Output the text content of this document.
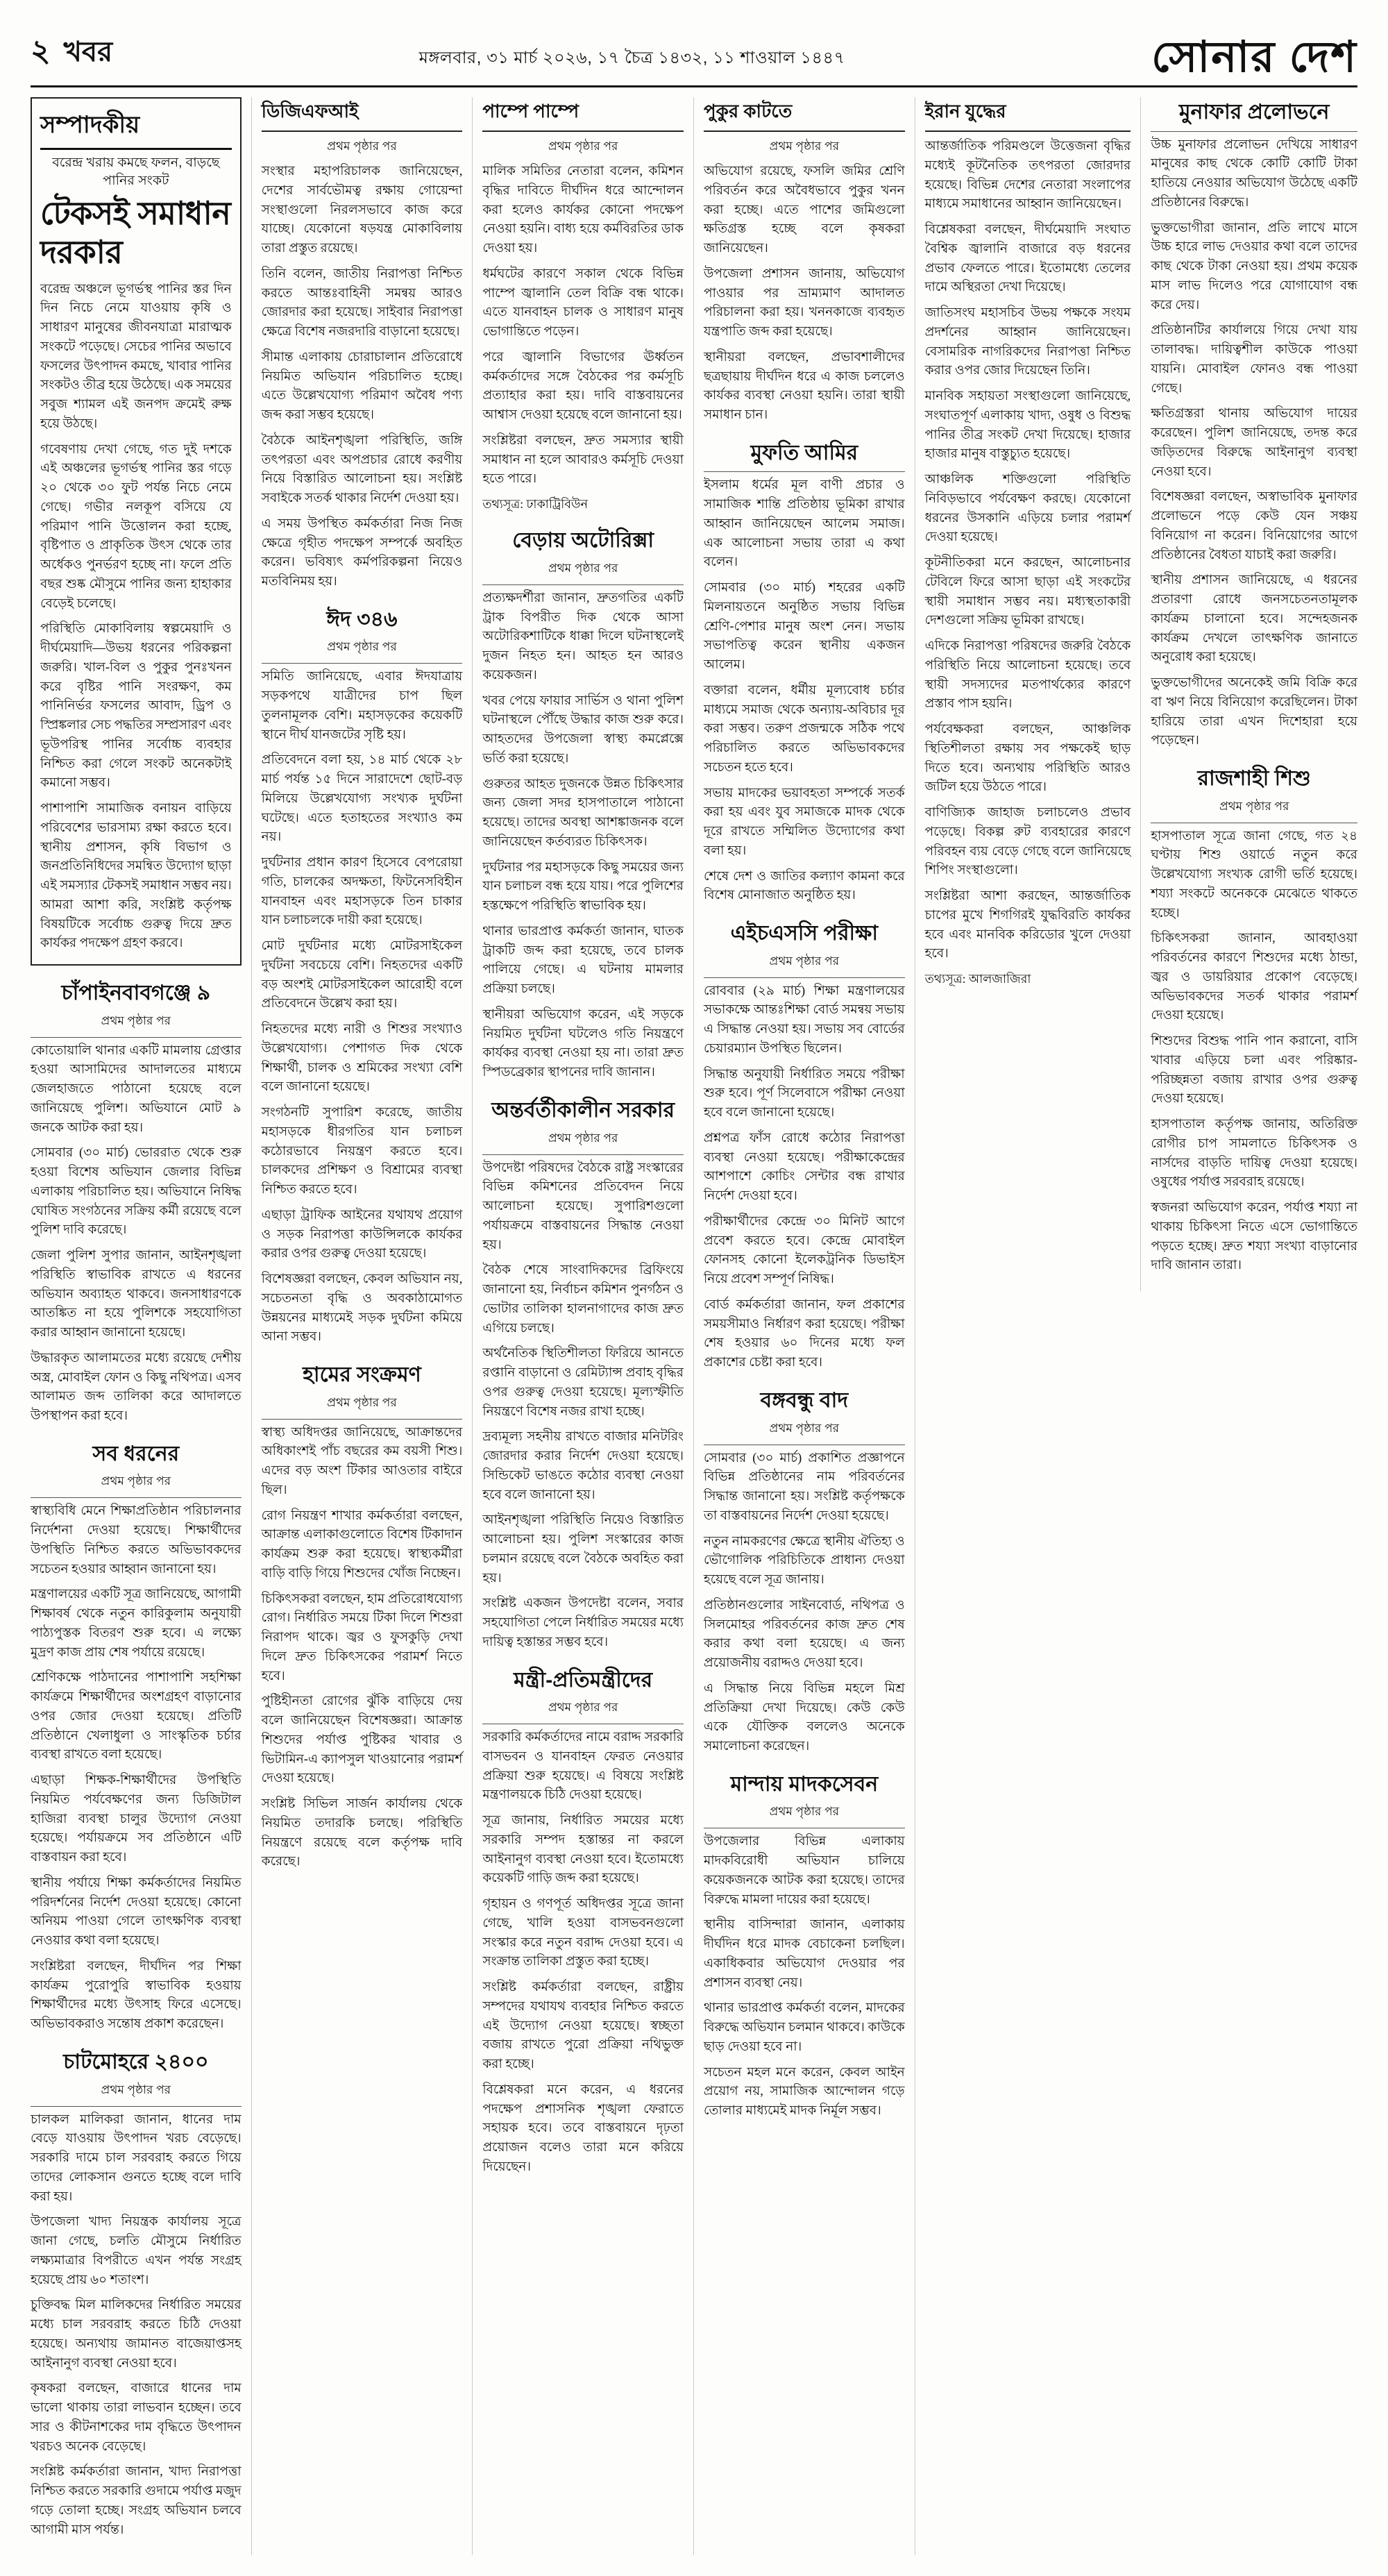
২ খবর	মঙ্গলবার, ৩১ মার্চ ২০২৬, ১৭ চৈত্র ১৪৩২, ১১ শাওয়াল ১৪৪৭	সোনার দেশ
সম্পাদকীয়
বরেন্দ্র খরায় কমছে ফলন, বাড়ছে পানির সংকট
টেকসই সমাধান দরকার

বরেন্দ্র অঞ্চলে ভূগর্ভস্থ পানির স্তর দিন দিন নিচে নেমে যাওয়ায় কৃষি ও সাধারণ মানুষের জীবনযাত্রা মারাত্মক সংকটে পড়েছে। সেচের পানির অভাবে ফসলের উৎপাদন কমছে, খাবার পানির সংকটও তীব্র হয়ে উঠেছে। এক সময়ের সবুজ শ্যামল এই জনপদ ক্রমেই রুক্ষ হয়ে উঠছে।

গবেষণায় দেখা গেছে, গত দুই দশকে এই অঞ্চলের ভূগর্ভস্থ পানির স্তর গড়ে ২০ থেকে ৩০ ফুট পর্যন্ত নিচে নেমে গেছে। গভীর নলকূপ বসিয়ে যে পরিমাণ পানি উত্তোলন করা হচ্ছে, বৃষ্টিপাত ও প্রাকৃতিক উৎস থেকে তার অর্ধেকও পুনর্ভরণ হচ্ছে না। ফলে প্রতি বছর শুষ্ক মৌসুমে পানির জন্য হাহাকার বেড়েই চলেছে।

পরিস্থিতি মোকাবিলায় স্বল্পমেয়াদি ও দীর্ঘমেয়াদি—উভয় ধরনের পরিকল্পনা জরুরি। খাল-বিল ও পুকুর পুনঃখনন করে বৃষ্টির পানি সংরক্ষণ, কম পানিনির্ভর ফসলের আবাদ, ড্রিপ ও স্প্রিঙ্কলার সেচ পদ্ধতির সম্প্রসারণ এবং ভূউপরিস্থ পানির সর্বোচ্চ ব্যবহার নিশ্চিত করা গেলে সংকট অনেকটাই কমানো সম্ভব।

পাশাপাশি সামাজিক বনায়ন বাড়িয়ে পরিবেশের ভারসাম্য রক্ষা করতে হবে। স্থানীয় প্রশাসন, কৃষি বিভাগ ও জনপ্রতিনিধিদের সমন্বিত উদ্যোগ ছাড়া এই সমস্যার টেকসই সমাধান সম্ভব নয়। আমরা আশা করি, সংশ্লিষ্ট কর্তৃপক্ষ বিষয়টিকে সর্বোচ্চ গুরুত্ব দিয়ে দ্রুত কার্যকর পদক্ষেপ গ্রহণ করবে।

চাঁপাইনবাবগঞ্জে ৯
প্রথম পৃষ্ঠার পর

কোতোয়ালি থানার একটি মামলায় গ্রেপ্তার হওয়া আসামিদের আদালতের মাধ্যমে জেলহাজতে পাঠানো হয়েছে বলে জানিয়েছে পুলিশ। অভিযানে মোট ৯ জনকে আটক করা হয়।

সোমবার (৩০ মার্চ) ভোররাত থেকে শুরু হওয়া বিশেষ অভিযান জেলার বিভিন্ন এলাকায় পরিচালিত হয়। অভিযানে নিষিদ্ধ ঘোষিত সংগঠনের সক্রিয় কর্মী রয়েছে বলে পুলিশ দাবি করেছে।

জেলা পুলিশ সুপার জানান, আইনশৃঙ্খলা পরিস্থিতি স্বাভাবিক রাখতে এ ধরনের অভিযান অব্যাহত থাকবে। জনসাধারণকে আতঙ্কিত না হয়ে পুলিশকে সহযোগিতা করার আহ্বান জানানো হয়েছে।

উদ্ধারকৃত আলামতের মধ্যে রয়েছে দেশীয় অস্ত্র, মোবাইল ফোন ও কিছু নথিপত্র। এসব আলামত জব্দ তালিকা করে আদালতে উপস্থাপন করা হবে।

সব ধরনের
প্রথম পৃষ্ঠার পর

স্বাস্থ্যবিধি মেনে শিক্ষাপ্রতিষ্ঠান পরিচালনার নির্দেশনা দেওয়া হয়েছে। শিক্ষার্থীদের উপস্থিতি নিশ্চিত করতে অভিভাবকদের সচেতন হওয়ার আহ্বান জানানো হয়।

মন্ত্রণালয়ের একটি সূত্র জানিয়েছে, আগামী শিক্ষাবর্ষ থেকে নতুন কারিকুলাম অনুযায়ী পাঠ্যপুস্তক বিতরণ শুরু হবে। এ লক্ষ্যে মুদ্রণ কাজ প্রায় শেষ পর্যায়ে রয়েছে।

শ্রেণিকক্ষে পাঠদানের পাশাপাশি সহশিক্ষা কার্যক্রমে শিক্ষার্থীদের অংশগ্রহণ বাড়ানোর ওপর জোর দেওয়া হয়েছে। প্রতিটি প্রতিষ্ঠানে খেলাধুলা ও সাংস্কৃতিক চর্চার ব্যবস্থা রাখতে বলা হয়েছে।

এছাড়া শিক্ষক-শিক্ষার্থীদের উপস্থিতি নিয়মিত পর্যবেক্ষণের জন্য ডিজিটাল হাজিরা ব্যবস্থা চালুর উদ্যোগ নেওয়া হয়েছে। পর্যায়ক্রমে সব প্রতিষ্ঠানে এটি বাস্তবায়ন করা হবে।

স্থানীয় পর্যায়ে শিক্ষা কর্মকর্তাদের নিয়মিত পরিদর্শনের নির্দেশ দেওয়া হয়েছে। কোনো অনিয়ম পাওয়া গেলে তাৎক্ষণিক ব্যবস্থা নেওয়ার কথা বলা হয়েছে।

সংশ্লিষ্টরা বলছেন, দীর্ঘদিন পর শিক্ষা কার্যক্রম পুরোপুরি স্বাভাবিক হওয়ায় শিক্ষার্থীদের মধ্যে উৎসাহ ফিরে এসেছে। অভিভাবকরাও সন্তোষ প্রকাশ করেছেন।

চাটমোহরে ২৪০০
প্রথম পৃষ্ঠার পর

চালকল মালিকরা জানান, ধানের দাম বেড়ে যাওয়ায় উৎপাদন খরচ বেড়েছে। সরকারি দামে চাল সরবরাহ করতে গিয়ে তাদের লোকসান গুনতে হচ্ছে বলে দাবি করা হয়।

উপজেলা খাদ্য নিয়ন্ত্রক কার্যালয় সূত্রে জানা গেছে, চলতি মৌসুমে নির্ধারিত লক্ষ্যমাত্রার বিপরীতে এখন পর্যন্ত সংগ্রহ হয়েছে প্রায় ৬০ শতাংশ।

চুক্তিবদ্ধ মিল মালিকদের নির্ধারিত সময়ের মধ্যে চাল সরবরাহ করতে চিঠি দেওয়া হয়েছে। অন্যথায় জামানত বাজেয়াপ্তসহ আইনানুগ ব্যবস্থা নেওয়া হবে।

কৃষকরা বলছেন, বাজারে ধানের দাম ভালো থাকায় তারা লাভবান হচ্ছেন। তবে সার ও কীটনাশকের দাম বৃদ্ধিতে উৎপাদন খরচও অনেক বেড়েছে।

সংশ্লিষ্ট কর্মকর্তারা জানান, খাদ্য নিরাপত্তা নিশ্চিত করতে সরকারি গুদামে পর্যাপ্ত মজুদ গড়ে তোলা হচ্ছে। সংগ্রহ অভিযান চলবে আগামী মাস পর্যন্ত।

ডিজিএফআই
প্রথম পৃষ্ঠার পর

সংস্থার মহাপরিচালক জানিয়েছেন, দেশের সার্বভৌমত্ব রক্ষায় গোয়েন্দা সংস্থাগুলো নিরলসভাবে কাজ করে যাচ্ছে। যেকোনো ষড়যন্ত্র মোকাবিলায় তারা প্রস্তুত রয়েছে।

তিনি বলেন, জাতীয় নিরাপত্তা নিশ্চিত করতে আন্তঃবাহিনী সমন্বয় আরও জোরদার করা হয়েছে। সাইবার নিরাপত্তা ক্ষেত্রে বিশেষ নজরদারি বাড়ানো হয়েছে।

সীমান্ত এলাকায় চোরাচালান প্রতিরোধে নিয়মিত অভিযান পরিচালিত হচ্ছে। এতে উল্লেখযোগ্য পরিমাণ অবৈধ পণ্য জব্দ করা সম্ভব হয়েছে।

বৈঠকে আইনশৃঙ্খলা পরিস্থিতি, জঙ্গি তৎপরতা এবং অপপ্রচার রোধে করণীয় নিয়ে বিস্তারিত আলোচনা হয়। সংশ্লিষ্ট সবাইকে সতর্ক থাকার নির্দেশ দেওয়া হয়।

এ সময় উপস্থিত কর্মকর্তারা নিজ নিজ ক্ষেত্রে গৃহীত পদক্ষেপ সম্পর্কে অবহিত করেন। ভবিষ্যৎ কর্মপরিকল্পনা নিয়েও মতবিনিময় হয়।

ঈদ ৩৪৬
প্রথম পৃষ্ঠার পর

সমিতি জানিয়েছে, এবার ঈদযাত্রায় সড়কপথে যাত্রীদের চাপ ছিল তুলনামূলক বেশি। মহাসড়কের কয়েকটি স্থানে দীর্ঘ যানজটের সৃষ্টি হয়।

প্রতিবেদনে বলা হয়, ১৪ মার্চ থেকে ২৮ মার্চ পর্যন্ত ১৫ দিনে সারাদেশে ছোট-বড় মিলিয়ে উল্লেখযোগ্য সংখ্যক দুর্ঘটনা ঘটেছে। এতে হতাহতের সংখ্যাও কম নয়।

দুর্ঘটনার প্রধান কারণ হিসেবে বেপরোয়া গতি, চালকের অদক্ষতা, ফিটনেসবিহীন যানবাহন এবং মহাসড়কে তিন চাকার যান চলাচলকে দায়ী করা হয়েছে।

মোট দুর্ঘটনার মধ্যে মোটরসাইকেল দুর্ঘটনা সবচেয়ে বেশি। নিহতদের একটি বড় অংশই মোটরসাইকেল আরোহী বলে প্রতিবেদনে উল্লেখ করা হয়।

নিহতদের মধ্যে নারী ও শিশুর সংখ্যাও উল্লেখযোগ্য। পেশাগত দিক থেকে শিক্ষার্থী, চালক ও শ্রমিকের সংখ্যা বেশি বলে জানানো হয়েছে।

সংগঠনটি সুপারিশ করেছে, জাতীয় মহাসড়কে ধীরগতির যান চলাচল কঠোরভাবে নিয়ন্ত্রণ করতে হবে। চালকদের প্রশিক্ষণ ও বিশ্রামের ব্যবস্থা নিশ্চিত করতে হবে।

এছাড়া ট্রাফিক আইনের যথাযথ প্রয়োগ ও সড়ক নিরাপত্তা কাউন্সিলকে কার্যকর করার ওপর গুরুত্ব দেওয়া হয়েছে।

বিশেষজ্ঞরা বলছেন, কেবল অভিযান নয়, সচেতনতা বৃদ্ধি ও অবকাঠামোগত উন্নয়নের মাধ্যমেই সড়ক দুর্ঘটনা কমিয়ে আনা সম্ভব।

হামের সংক্রমণ
প্রথম পৃষ্ঠার পর

স্বাস্থ্য অধিদপ্তর জানিয়েছে, আক্রান্তদের অধিকাংশই পাঁচ বছরের কম বয়সী শিশু। এদের বড় অংশ টিকার আওতার বাইরে ছিল।

রোগ নিয়ন্ত্রণ শাখার কর্মকর্তারা বলছেন, আক্রান্ত এলাকাগুলোতে বিশেষ টিকাদান কার্যক্রম শুরু করা হয়েছে। স্বাস্থ্যকর্মীরা বাড়ি বাড়ি গিয়ে শিশুদের খোঁজ নিচ্ছেন।

চিকিৎসকরা বলছেন, হাম প্রতিরোধযোগ্য রোগ। নির্ধারিত সময়ে টিকা দিলে শিশুরা নিরাপদ থাকে। জ্বর ও ফুসকুড়ি দেখা দিলে দ্রুত চিকিৎসকের পরামর্শ নিতে হবে।

পুষ্টিহীনতা রোগের ঝুঁকি বাড়িয়ে দেয় বলে জানিয়েছেন বিশেষজ্ঞরা। আক্রান্ত শিশুদের পর্যাপ্ত পুষ্টিকর খাবার ও ভিটামিন-এ ক্যাপসুল খাওয়ানোর পরামর্শ দেওয়া হয়েছে।

সংশ্লিষ্ট সিভিল সার্জন কার্যালয় থেকে নিয়মিত তদারকি চলছে। পরিস্থিতি নিয়ন্ত্রণে রয়েছে বলে কর্তৃপক্ষ দাবি করেছে।

পাম্পে পাম্পে
প্রথম পৃষ্ঠার পর

মালিক সমিতির নেতারা বলেন, কমিশন বৃদ্ধির দাবিতে দীর্ঘদিন ধরে আন্দোলন করা হলেও কার্যকর কোনো পদক্ষেপ নেওয়া হয়নি। বাধ্য হয়ে কর্মবিরতির ডাক দেওয়া হয়।

ধর্মঘটের কারণে সকাল থেকে বিভিন্ন পাম্পে জ্বালানি তেল বিক্রি বন্ধ থাকে। এতে যানবাহন চালক ও সাধারণ মানুষ ভোগান্তিতে পড়েন।

পরে জ্বালানি বিভাগের ঊর্ধ্বতন কর্মকর্তাদের সঙ্গে বৈঠকের পর কর্মসূচি প্রত্যাহার করা হয়। দাবি বাস্তবায়নের আশ্বাস দেওয়া হয়েছে বলে জানানো হয়।

সংশ্লিষ্টরা বলছেন, দ্রুত সমস্যার স্থায়ী সমাধান না হলে আবারও কর্মসূচি দেওয়া হতে পারে।

তথ্যসূত্র: ঢাকাট্রিবিউন

বেড়ায় অটোরিক্সা
প্রথম পৃষ্ঠার পর

প্রত্যক্ষদর্শীরা জানান, দ্রুতগতির একটি ট্রাক বিপরীত দিক থেকে আসা অটোরিকশাটিকে ধাক্কা দিলে ঘটনাস্থলেই দুজন নিহত হন। আহত হন আরও কয়েকজন।

খবর পেয়ে ফায়ার সার্ভিস ও থানা পুলিশ ঘটনাস্থলে পৌঁছে উদ্ধার কাজ শুরু করে। আহতদের উপজেলা স্বাস্থ্য কমপ্লেক্সে ভর্তি করা হয়েছে।

গুরুতর আহত দুজনকে উন্নত চিকিৎসার জন্য জেলা সদর হাসপাতালে পাঠানো হয়েছে। তাদের অবস্থা আশঙ্কাজনক বলে জানিয়েছেন কর্তব্যরত চিকিৎসক।

দুর্ঘটনার পর মহাসড়কে কিছু সময়ের জন্য যান চলাচল বন্ধ হয়ে যায়। পরে পুলিশের হস্তক্ষেপে পরিস্থিতি স্বাভাবিক হয়।

থানার ভারপ্রাপ্ত কর্মকর্তা জানান, ঘাতক ট্রাকটি জব্দ করা হয়েছে, তবে চালক পালিয়ে গেছে। এ ঘটনায় মামলার প্রক্রিয়া চলছে।

স্থানীয়রা অভিযোগ করেন, এই সড়কে নিয়মিত দুর্ঘটনা ঘটলেও গতি নিয়ন্ত্রণে কার্যকর ব্যবস্থা নেওয়া হয় না। তারা দ্রুত স্পিডব্রেকার স্থাপনের দাবি জানান।

অন্তর্বর্তীকালীন সরকার
প্রথম পৃষ্ঠার পর

উপদেষ্টা পরিষদের বৈঠকে রাষ্ট্র সংস্কারের বিভিন্ন কমিশনের প্রতিবেদন নিয়ে আলোচনা হয়েছে। সুপারিশগুলো পর্যায়ক্রমে বাস্তবায়নের সিদ্ধান্ত নেওয়া হয়।

বৈঠক শেষে সাংবাদিকদের ব্রিফিংয়ে জানানো হয়, নির্বাচন কমিশন পুনর্গঠন ও ভোটার তালিকা হালনাগাদের কাজ দ্রুত এগিয়ে চলছে।

অর্থনৈতিক স্থিতিশীলতা ফিরিয়ে আনতে রপ্তানি বাড়ানো ও রেমিট্যান্স প্রবাহ বৃদ্ধির ওপর গুরুত্ব দেওয়া হয়েছে। মূল্যস্ফীতি নিয়ন্ত্রণে বিশেষ নজর রাখা হচ্ছে।

দ্রব্যমূল্য সহনীয় রাখতে বাজার মনিটরিং জোরদার করার নির্দেশ দেওয়া হয়েছে। সিন্ডিকেট ভাঙতে কঠোর ব্যবস্থা নেওয়া হবে বলে জানানো হয়।

আইনশৃঙ্খলা পরিস্থিতি নিয়েও বিস্তারিত আলোচনা হয়। পুলিশ সংস্কারের কাজ চলমান রয়েছে বলে বৈঠকে অবহিত করা হয়।

সংশ্লিষ্ট একজন উপদেষ্টা বলেন, সবার সহযোগিতা পেলে নির্ধারিত সময়ের মধ্যে দায়িত্ব হস্তান্তর সম্ভব হবে।

মন্ত্রী-প্রতিমন্ত্রীদের
প্রথম পৃষ্ঠার পর

সরকারি কর্মকর্তাদের নামে বরাদ্দ সরকারি বাসভবন ও যানবাহন ফেরত নেওয়ার প্রক্রিয়া শুরু হয়েছে। এ বিষয়ে সংশ্লিষ্ট মন্ত্রণালয়কে চিঠি দেওয়া হয়েছে।

সূত্র জানায়, নির্ধারিত সময়ের মধ্যে সরকারি সম্পদ হস্তান্তর না করলে আইনানুগ ব্যবস্থা নেওয়া হবে। ইতোমধ্যে কয়েকটি গাড়ি জব্দ করা হয়েছে।

গৃহায়ন ও গণপূর্ত অধিদপ্তর সূত্রে জানা গেছে, খালি হওয়া বাসভবনগুলো সংস্কার করে নতুন বরাদ্দ দেওয়া হবে। এ সংক্রান্ত তালিকা প্রস্তুত করা হচ্ছে।

সংশ্লিষ্ট কর্মকর্তারা বলছেন, রাষ্ট্রীয় সম্পদের যথাযথ ব্যবহার নিশ্চিত করতে এই উদ্যোগ নেওয়া হয়েছে। স্বচ্ছতা বজায় রাখতে পুরো প্রক্রিয়া নথিভুক্ত করা হচ্ছে।

বিশ্লেষকরা মনে করেন, এ ধরনের পদক্ষেপ প্রশাসনিক শৃঙ্খলা ফেরাতে সহায়ক হবে। তবে বাস্তবায়নে দৃঢ়তা প্রয়োজন বলেও তারা মনে করিয়ে দিয়েছেন।

পুকুর কাটতে
প্রথম পৃষ্ঠার পর

অভিযোগ রয়েছে, ফসলি জমির শ্রেণি পরিবর্তন করে অবৈধভাবে পুকুর খনন করা হচ্ছে। এতে পাশের জমিগুলো ক্ষতিগ্রস্ত হচ্ছে বলে কৃষকরা জানিয়েছেন।

উপজেলা প্রশাসন জানায়, অভিযোগ পাওয়ার পর ভ্রাম্যমাণ আদালত পরিচালনা করা হয়। খননকাজে ব্যবহৃত যন্ত্রপাতি জব্দ করা হয়েছে।

স্থানীয়রা বলছেন, প্রভাবশালীদের ছত্রছায়ায় দীর্ঘদিন ধরে এ কাজ চললেও কার্যকর ব্যবস্থা নেওয়া হয়নি। তারা স্থায়ী সমাধান চান।

মুফতি আমির

ইসলাম ধর্মের মূল বাণী প্রচার ও সামাজিক শান্তি প্রতিষ্ঠায় ভূমিকা রাখার আহ্বান জানিয়েছেন আলেম সমাজ। এক আলোচনা সভায় তারা এ কথা বলেন।

সোমবার (৩০ মার্চ) শহরের একটি মিলনায়তনে অনুষ্ঠিত সভায় বিভিন্ন শ্রেণি-পেশার মানুষ অংশ নেন। সভায় সভাপতিত্ব করেন স্থানীয় একজন আলেম।

বক্তারা বলেন, ধর্মীয় মূল্যবোধ চর্চার মাধ্যমে সমাজ থেকে অন্যায়-অবিচার দূর করা সম্ভব। তরুণ প্রজন্মকে সঠিক পথে পরিচালিত করতে অভিভাবকদের সচেতন হতে হবে।

সভায় মাদকের ভয়াবহতা সম্পর্কে সতর্ক করা হয় এবং যুব সমাজকে মাদক থেকে দূরে রাখতে সম্মিলিত উদ্যোগের কথা বলা হয়।

শেষে দেশ ও জাতির কল্যাণ কামনা করে বিশেষ মোনাজাত অনুষ্ঠিত হয়।

এইচএসসি পরীক্ষা
প্রথম পৃষ্ঠার পর

রোববার (২৯ মার্চ) শিক্ষা মন্ত্রণালয়ের সভাকক্ষে আন্তঃশিক্ষা বোর্ড সমন্বয় সভায় এ সিদ্ধান্ত নেওয়া হয়। সভায় সব বোর্ডের চেয়ারম্যান উপস্থিত ছিলেন।

সিদ্ধান্ত অনুযায়ী নির্ধারিত সময়ে পরীক্ষা শুরু হবে। পূর্ণ সিলেবাসে পরীক্ষা নেওয়া হবে বলে জানানো হয়েছে।

প্রশ্নপত্র ফাঁস রোধে কঠোর নিরাপত্তা ব্যবস্থা নেওয়া হয়েছে। পরীক্ষাকেন্দ্রের আশপাশে কোচিং সেন্টার বন্ধ রাখার নির্দেশ দেওয়া হবে।

পরীক্ষার্থীদের কেন্দ্রে ৩০ মিনিট আগে প্রবেশ করতে হবে। কেন্দ্রে মোবাইল ফোনসহ কোনো ইলেকট্রনিক ডিভাইস নিয়ে প্রবেশ সম্পূর্ণ নিষিদ্ধ।

বোর্ড কর্মকর্তারা জানান, ফল প্রকাশের সময়সীমাও নির্ধারণ করা হয়েছে। পরীক্ষা শেষ হওয়ার ৬০ দিনের মধ্যে ফল প্রকাশের চেষ্টা করা হবে।

বঙ্গবন্ধু বাদ
প্রথম পৃষ্ঠার পর

সোমবার (৩০ মার্চ) প্রকাশিত প্রজ্ঞাপনে বিভিন্ন প্রতিষ্ঠানের নাম পরিবর্তনের সিদ্ধান্ত জানানো হয়। সংশ্লিষ্ট কর্তৃপক্ষকে তা বাস্তবায়নের নির্দেশ দেওয়া হয়েছে।

নতুন নামকরণের ক্ষেত্রে স্থানীয় ঐতিহ্য ও ভৌগোলিক পরিচিতিকে প্রাধান্য দেওয়া হয়েছে বলে সূত্র জানায়।

প্রতিষ্ঠানগুলোর সাইনবোর্ড, নথিপত্র ও সিলমোহর পরিবর্তনের কাজ দ্রুত শেষ করার কথা বলা হয়েছে। এ জন্য প্রয়োজনীয় বরাদ্দও দেওয়া হবে।

এ সিদ্ধান্ত নিয়ে বিভিন্ন মহলে মিশ্র প্রতিক্রিয়া দেখা দিয়েছে। কেউ কেউ একে যৌক্তিক বললেও অনেকে সমালোচনা করেছেন।

মান্দায় মাদকসেবন
প্রথম পৃষ্ঠার পর

উপজেলার বিভিন্ন এলাকায় মাদকবিরোধী অভিযান চালিয়ে কয়েকজনকে আটক করা হয়েছে। তাদের বিরুদ্ধে মামলা দায়ের করা হয়েছে।

স্থানীয় বাসিন্দারা জানান, এলাকায় দীর্ঘদিন ধরে মাদক বেচাকেনা চলছিল। একাধিকবার অভিযোগ দেওয়ার পর প্রশাসন ব্যবস্থা নেয়।

থানার ভারপ্রাপ্ত কর্মকর্তা বলেন, মাদকের বিরুদ্ধে অভিযান চলমান থাকবে। কাউকে ছাড় দেওয়া হবে না।

সচেতন মহল মনে করেন, কেবল আইন প্রয়োগ নয়, সামাজিক আন্দোলন গড়ে তোলার মাধ্যমেই মাদক নির্মূল সম্ভব।

ইরান যুদ্ধের

আন্তর্জাতিক পরিমণ্ডলে উত্তেজনা বৃদ্ধির মধ্যেই কূটনৈতিক তৎপরতা জোরদার হয়েছে। বিভিন্ন দেশের নেতারা সংলাপের মাধ্যমে সমাধানের আহ্বান জানিয়েছেন।

বিশ্লেষকরা বলছেন, দীর্ঘমেয়াদি সংঘাত বৈশ্বিক জ্বালানি বাজারে বড় ধরনের প্রভাব ফেলতে পারে। ইতোমধ্যে তেলের দামে অস্থিরতা দেখা দিয়েছে।

জাতিসংঘ মহাসচিব উভয় পক্ষকে সংযম প্রদর্শনের আহ্বান জানিয়েছেন। বেসামরিক নাগরিকদের নিরাপত্তা নিশ্চিত করার ওপর জোর দিয়েছেন তিনি।

মানবিক সহায়তা সংস্থাগুলো জানিয়েছে, সংঘাতপূর্ণ এলাকায় খাদ্য, ওষুধ ও বিশুদ্ধ পানির তীব্র সংকট দেখা দিয়েছে। হাজার হাজার মানুষ বাস্তুচ্যুত হয়েছে।

আঞ্চলিক শক্তিগুলো পরিস্থিতি নিবিড়ভাবে পর্যবেক্ষণ করছে। যেকোনো ধরনের উসকানি এড়িয়ে চলার পরামর্শ দেওয়া হয়েছে।

কূটনীতিকরা মনে করছেন, আলোচনার টেবিলে ফিরে আসা ছাড়া এই সংকটের স্থায়ী সমাধান সম্ভব নয়। মধ্যস্থতাকারী দেশগুলো সক্রিয় ভূমিকা রাখছে।

এদিকে নিরাপত্তা পরিষদের জরুরি বৈঠকে পরিস্থিতি নিয়ে আলোচনা হয়েছে। তবে স্থায়ী সদস্যদের মতপার্থক্যের কারণে প্রস্তাব পাস হয়নি।

পর্যবেক্ষকরা বলছেন, আঞ্চলিক স্থিতিশীলতা রক্ষায় সব পক্ষকেই ছাড় দিতে হবে। অন্যথায় পরিস্থিতি আরও জটিল হয়ে উঠতে পারে।

বাণিজ্যিক জাহাজ চলাচলেও প্রভাব পড়েছে। বিকল্প রুট ব্যবহারের কারণে পরিবহন ব্যয় বেড়ে গেছে বলে জানিয়েছে শিপিং সংস্থাগুলো।

সংশ্লিষ্টরা আশা করছেন, আন্তর্জাতিক চাপের মুখে শিগগিরই যুদ্ধবিরতি কার্যকর হবে এবং মানবিক করিডোর খুলে দেওয়া হবে।

তথ্যসূত্র: আলজাজিরা

মুনাফার প্রলোভনে

উচ্চ মুনাফার প্রলোভন দেখিয়ে সাধারণ মানুষের কাছ থেকে কোটি কোটি টাকা হাতিয়ে নেওয়ার অভিযোগ উঠেছে একটি প্রতিষ্ঠানের বিরুদ্ধে।

ভুক্তভোগীরা জানান, প্রতি লাখে মাসে উচ্চ হারে লাভ দেওয়ার কথা বলে তাদের কাছ থেকে টাকা নেওয়া হয়। প্রথম কয়েক মাস লাভ দিলেও পরে যোগাযোগ বন্ধ করে দেয়।

প্রতিষ্ঠানটির কার্যালয়ে গিয়ে দেখা যায় তালাবদ্ধ। দায়িত্বশীল কাউকে পাওয়া যায়নি। মোবাইল ফোনও বন্ধ পাওয়া গেছে।

ক্ষতিগ্রস্তরা থানায় অভিযোগ দায়ের করেছেন। পুলিশ জানিয়েছে, তদন্ত করে জড়িতদের বিরুদ্ধে আইনানুগ ব্যবস্থা নেওয়া হবে।

বিশেষজ্ঞরা বলছেন, অস্বাভাবিক মুনাফার প্রলোভনে পড়ে কেউ যেন সঞ্চয় বিনিয়োগ না করেন। বিনিয়োগের আগে প্রতিষ্ঠানের বৈধতা যাচাই করা জরুরি।

স্থানীয় প্রশাসন জানিয়েছে, এ ধরনের প্রতারণা রোধে জনসচেতনতামূলক কার্যক্রম চালানো হবে। সন্দেহজনক কার্যক্রম দেখলে তাৎক্ষণিক জানাতে অনুরোধ করা হয়েছে।

ভুক্তভোগীদের অনেকেই জমি বিক্রি করে বা ঋণ নিয়ে বিনিয়োগ করেছিলেন। টাকা হারিয়ে তারা এখন দিশেহারা হয়ে পড়েছেন।

রাজশাহী শিশু
প্রথম পৃষ্ঠার পর

হাসপাতাল সূত্রে জানা গেছে, গত ২৪ ঘণ্টায় শিশু ওয়ার্ডে নতুন করে উল্লেখযোগ্য সংখ্যক রোগী ভর্তি হয়েছে। শয্যা সংকটে অনেককে মেঝেতে থাকতে হচ্ছে।

চিকিৎসকরা জানান, আবহাওয়া পরিবর্তনের কারণে শিশুদের মধ্যে ঠান্ডা, জ্বর ও ডায়রিয়ার প্রকোপ বেড়েছে। অভিভাবকদের সতর্ক থাকার পরামর্শ দেওয়া হয়েছে।

শিশুদের বিশুদ্ধ পানি পান করানো, বাসি খাবার এড়িয়ে চলা এবং পরিষ্কার-পরিচ্ছন্নতা বজায় রাখার ওপর গুরুত্ব দেওয়া হয়েছে।

হাসপাতাল কর্তৃপক্ষ জানায়, অতিরিক্ত রোগীর চাপ সামলাতে চিকিৎসক ও নার্সদের বাড়তি দায়িত্ব দেওয়া হয়েছে। ওষুধের পর্যাপ্ত সরবরাহ রয়েছে।

স্বজনরা অভিযোগ করেন, পর্যাপ্ত শয্যা না থাকায় চিকিৎসা নিতে এসে ভোগান্তিতে পড়তে হচ্ছে। দ্রুত শয্যা সংখ্যা বাড়ানোর দাবি জানান তারা।
